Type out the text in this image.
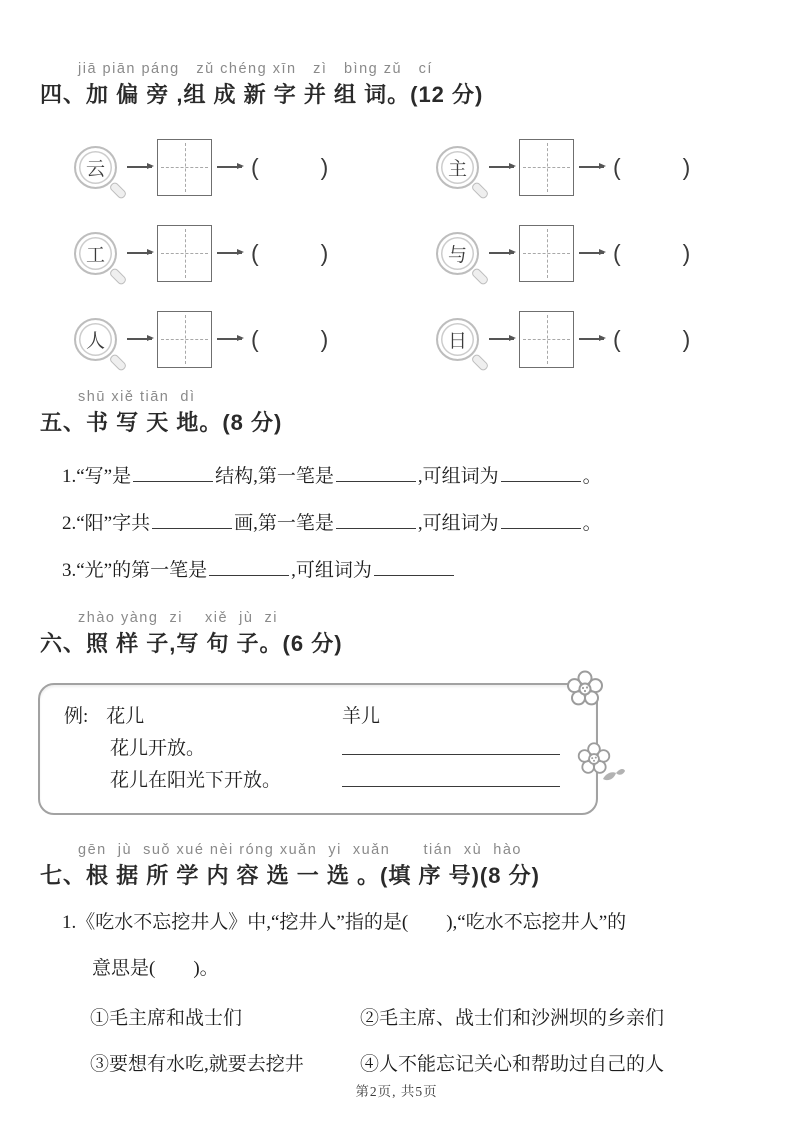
jiā piān páng   zǔ chéng xīn   zì   bìng zǔ   cí
四、加 偏 旁 ,组 成 新 字 并 组 词。(12 分)
云	(	)	主	(	)
工	(	)	与	(	)
人	(	)	日	(	)
shū xiě tiān  dì
五、书 写 天 地。(8 分)
1.“写”是	结构,第一笔是	,可组词为	。
2.“阳”字共	画,第一笔是	,可组词为	。
3.“光”的第一笔是	,可组词为
zhào yàng  zi    xiě  jù  zi
六、照 样 子,写 句 子。(6 分)
例: 花儿
花儿开放。
花儿在阳光下开放。
羊儿
gēn  jù  suǒ xué nèi róng xuǎn  yi  xuǎn      tián  xù  hào
七、根 据 所 学 内 容 选 一 选 。(填 序 号)(8 分)
1.《吃水不忘挖井人》中,“挖井人”指的是(　　),“吃水不忘挖井人”的
意思是(　　)。
①毛主席和战士们	②毛主席、战士们和沙洲坝的乡亲们
③要想有水吃,就要去挖井	④人不能忘记关心和帮助过自己的人
第2页, 共5页
